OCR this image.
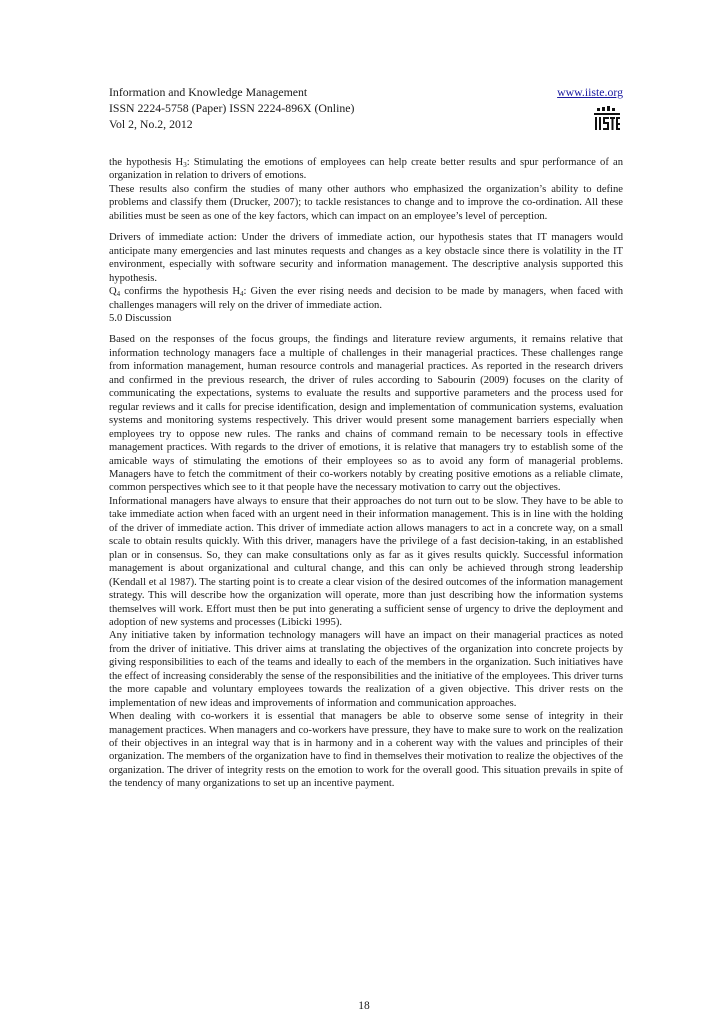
Information and Knowledge Management
ISSN 2224-5758 (Paper) ISSN 2224-896X (Online)
Vol 2, No.2, 2012
www.iiste.org

the hypothesis $H_3$: Stimulating the emotions of employees can help create better results and spur performance of an organization in relation to drivers of emotions.

These results also confirm the studies of many other authors who emphasized the organization’s ability to define problems and classify them (Drucker, 2007); to tackle resistances to change and to improve the co-ordination. All these abilities must be seen as one of the key factors, which can impact on an employee’s level of perception.

Drivers of immediate action: Under the drivers of immediate action, our hypothesis states that IT managers would anticipate many emergencies and last minutes requests and changes as a key obstacle since there is volatility in the IT environment, especially with software security and information management. The descriptive analysis supported this hypothesis.

$Q_4$ confirms the hypothesis $H_4$: Given the ever rising needs and decision to be made by managers, when faced with challenges managers will rely on the driver of immediate action.

5.0 Discussion

Based on the responses of the focus groups, the findings and literature review arguments, it remains relative that information technology managers face a multiple of challenges in their managerial practices. These challenges range from information management, human resource controls and managerial practices. As reported in the research drivers and confirmed in the previous research, the driver of rules according to Sabourin (2009) focuses on the clarity of communicating the expectations, systems to evaluate the results and supportive parameters and the process used for regular reviews and it calls for precise identification, design and implementation of communication systems, evaluation systems and monitoring systems respectively. This driver would present some management barriers especially when employees try to oppose new rules. The ranks and chains of command remain to be necessary tools in effective management practices. With regards to the driver of emotions, it is relative that managers try to establish some of the amicable ways of stimulating the emotions of their employees so as to avoid any form of managerial problems. Managers have to fetch the commitment of their co-workers notably by creating positive emotions as a reliable climate, common perspectives which see to it that people have the necessary motivation to carry out the objectives.

Informational managers have always to ensure that their approaches do not turn out to be slow. They have to be able to take immediate action when faced with an urgent need in their information management. This is in line with the holding of the driver of immediate action. This driver of immediate action allows managers to act in a concrete way, on a small scale to obtain results quickly. With this driver, managers have the privilege of a fast decision-taking, in an established plan or in consensus. So, they can make consultations only as far as it gives results quickly. Successful information management is about organizational and cultural change, and this can only be achieved through strong leadership (Kendall et al 1987). The starting point is to create a clear vision of the desired outcomes of the information management strategy. This will describe how the organization will operate, more than just describing how the information systems themselves will work. Effort must then be put into generating a sufficient sense of urgency to drive the deployment and adoption of new systems and processes (Libicki 1995).

Any initiative taken by information technology managers will have an impact on their managerial practices as noted from the driver of initiative. This driver aims at translating the objectives of the organization into concrete projects by giving responsibilities to each of the teams and ideally to each of the members in the organization. Such initiatives have the effect of increasing considerably the sense of the responsibilities and the initiative of the employees. This driver turns the more capable and voluntary employees towards the realization of a given objective. This driver rests on the implementation of new ideas and improvements of information and communication approaches.

When dealing with co-workers it is essential that managers be able to observe some sense of integrity in their management practices. When managers and co-workers have pressure, they have to make sure to work on the realization of their objectives in an integral way that is in harmony and in a coherent way with the values and principles of their organization. The members of the organization have to find in themselves their motivation to realize the objectives of the organization. The driver of integrity rests on the emotion to work for the overall good. This situation prevails in spite of the tendency of many organizations to set up an incentive payment.

18
